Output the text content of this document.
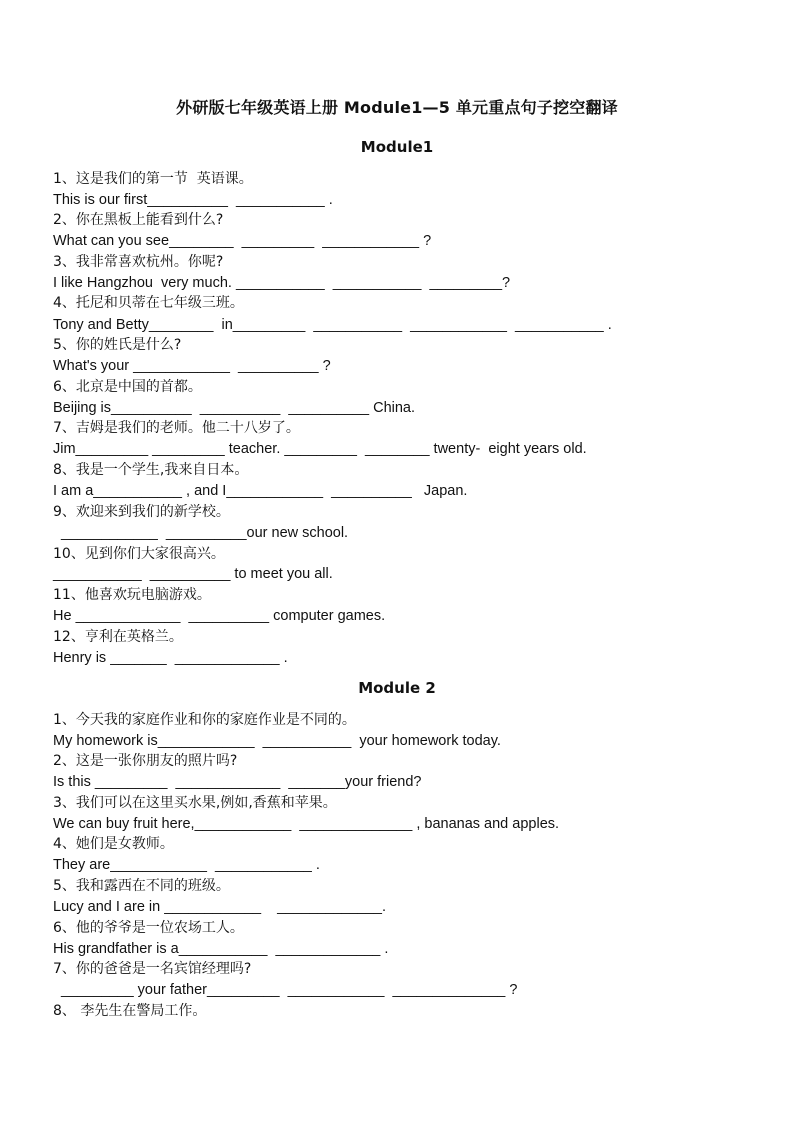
外研版七年级英语上册 Module1—5 单元重点句子挖空翻译
Module1
1、这是我们的第一节  英语课。
This is our first__________  ___________ .
2、你在黑板上能看到什么?
What can you see________  _________  ____________ ?
3、我非常喜欢杭州。你呢?
I like Hangzhou  very much. ___________  ___________  _________?
4、托尼和贝蒂在七年级三班。
Tony and Betty________  in_________  ___________  ____________  ___________ .
5、你的姓氏是什么?
What's your ____________  __________ ?
6、北京是中国的首都。
Beijing is__________  __________  __________ China.
7、吉姆是我们的老师。他二十八岁了。
Jim_________ _________ teacher. _________  ________ twenty-  eight years old.
8、我是一个学生,我来自日本。
I am a___________ , and I____________  __________   Japan.
9、欢迎来到我们的新学校。
____________  __________our new school.
10、见到你们大家很高兴。
___________  __________ to meet you all.
11、他喜欢玩电脑游戏。
He _____________  __________ computer games.
12、亨利在英格兰。
Henry is _______  _____________ .
Module 2
1、今天我的家庭作业和你的家庭作业是不同的。
My homework is____________  ___________  your homework today.
2、这是一张你朋友的照片吗?
Is this _________  _____________  _______your friend?
3、我们可以在这里买水果,例如,香蕉和苹果。
We can buy fruit here,____________  ______________ , bananas and apples.
4、她们是女教师。
They are____________  ____________ .
5、我和露西在不同的班级。
Lucy and I are in ____________    _____________.
6、他的爷爷是一位农场工人。
His grandfather is a___________  _____________ .
7、你的爸爸是一名宾馆经理吗?
_________ your father_________  ____________  ______________ ?
8、 李先生在警局工作。
